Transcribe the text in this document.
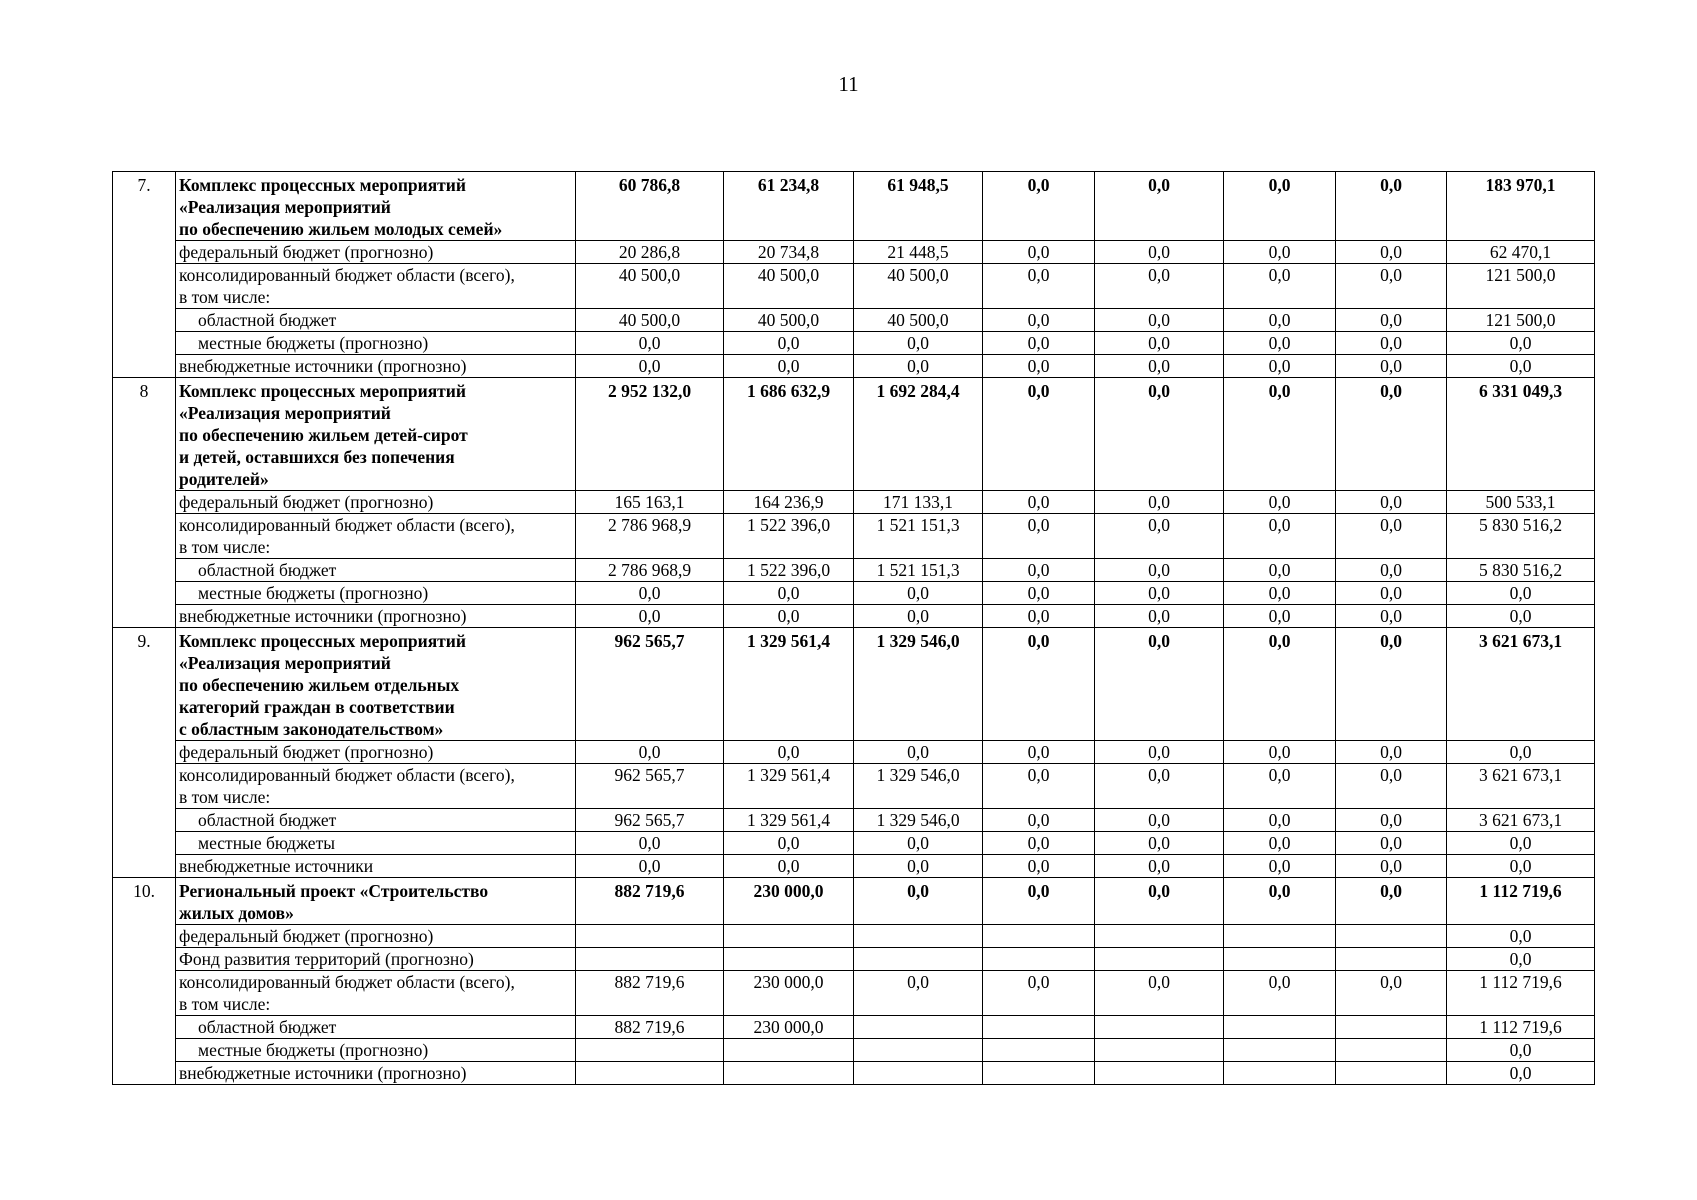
11
7.	Комплекс процессных мероприятий
«Реализация мероприятий
по обеспечению жильем молодых семей»	60 786,8	61 234,8	61 948,5	0,0	0,0	0,0	0,0	183 970,1

	федеральный бюджет (прогнозно)	20 286,8	20 734,8	21 448,5	0,0	0,0	0,0	0,0	62 470,1

	консолидированный бюджет области (всего),
в том числе:	40 500,0	40 500,0	40 500,0	0,0	0,0	0,0	0,0	121 500,0

	областной бюджет	40 500,0	40 500,0	40 500,0	0,0	0,0	0,0	0,0	121 500,0

	местные бюджеты (прогнозно)	0,0	0,0	0,0	0,0	0,0	0,0	0,0	0,0

	внебюджетные источники (прогнозно)	0,0	0,0	0,0	0,0	0,0	0,0	0,0	0,0
8	Комплекс процессных мероприятий
«Реализация мероприятий
по обеспечению жильем детей-сирот
и детей, оставшихся без попечения
родителей»	2 952 132,0	1 686 632,9	1 692 284,4	0,0	0,0	0,0	0,0	6 331 049,3

	федеральный бюджет (прогнозно)	165 163,1	164 236,9	171 133,1	0,0	0,0	0,0	0,0	500 533,1

	консолидированный бюджет области (всего),
в том числе:	2 786 968,9	1 522 396,0	1 521 151,3	0,0	0,0	0,0	0,0	5 830 516,2

	областной бюджет	2 786 968,9	1 522 396,0	1 521 151,3	0,0	0,0	0,0	0,0	5 830 516,2

	местные бюджеты (прогнозно)	0,0	0,0	0,0	0,0	0,0	0,0	0,0	0,0

	внебюджетные источники (прогнозно)	0,0	0,0	0,0	0,0	0,0	0,0	0,0	0,0
9.	Комплекс процессных мероприятий
«Реализация мероприятий
по обеспечению жильем отдельных
категорий граждан в соответствии
с областным законодательством»	962 565,7	1 329 561,4	1 329 546,0	0,0	0,0	0,0	0,0	3 621 673,1

	федеральный бюджет (прогнозно)	0,0	0,0	0,0	0,0	0,0	0,0	0,0	0,0

	консолидированный бюджет области (всего),
в том числе:	962 565,7	1 329 561,4	1 329 546,0	0,0	0,0	0,0	0,0	3 621 673,1

	областной бюджет	962 565,7	1 329 561,4	1 329 546,0	0,0	0,0	0,0	0,0	3 621 673,1

	местные бюджеты	0,0	0,0	0,0	0,0	0,0	0,0	0,0	0,0

	внебюджетные источники	0,0	0,0	0,0	0,0	0,0	0,0	0,0	0,0
10.	Региональный проект «Строительство
жилых домов»	882 719,6	230 000,0	0,0	0,0	0,0	0,0	0,0	1 112 719,6

	федеральный бюджет (прогнозно)								0,0

	Фонд развития территорий (прогнозно)								0,0

	консолидированный бюджет области (всего),
в том числе:	882 719,6	230 000,0	0,0	0,0	0,0	0,0	0,0	1 112 719,6

	областной бюджет	882 719,6	230 000,0						1 112 719,6

	местные бюджеты (прогнозно)								0,0

	внебюджетные источники (прогнозно)								0,0
